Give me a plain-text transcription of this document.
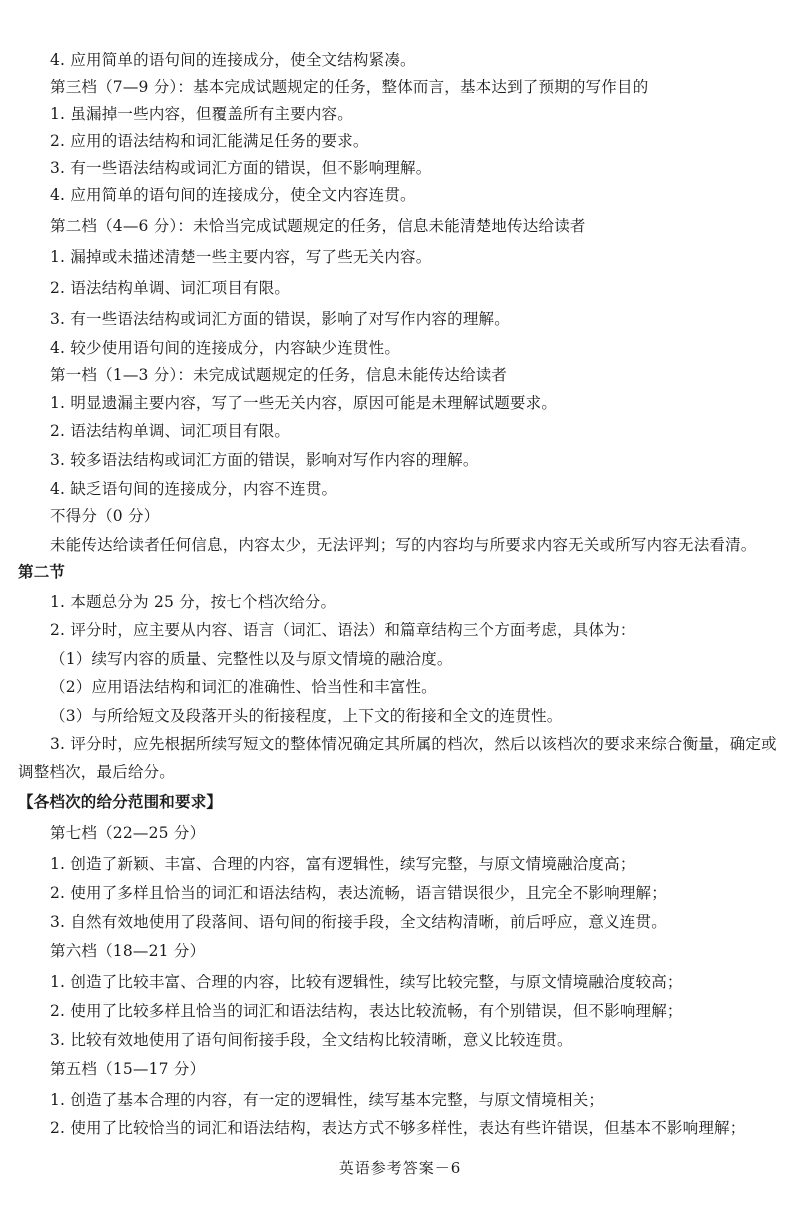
4. 应用简单的语句间的连接成分，使全文结构紧凑。
第三档（7—9 分）：基本完成试题规定的任务，整体而言，基本达到了预期的写作目的
1. 虽漏掉一些内容，但覆盖所有主要内容。
2. 应用的语法结构和词汇能满足任务的要求。
3. 有一些语法结构或词汇方面的错误，但不影响理解。
4. 应用简单的语句间的连接成分，使全文内容连贯。
第二档（4—6 分）：未恰当完成试题规定的任务，信息未能清楚地传达给读者
1. 漏掉或未描述清楚一些主要内容，写了些无关内容。
2. 语法结构单调、词汇项目有限。
3. 有一些语法结构或词汇方面的错误，影响了对写作内容的理解。
4. 较少使用语句间的连接成分，内容缺少连贯性。
第一档（1—3 分）：未完成试题规定的任务，信息未能传达给读者
1. 明显遗漏主要内容，写了一些无关内容，原因可能是未理解试题要求。
2. 语法结构单调、词汇项目有限。
3. 较多语法结构或词汇方面的错误，影响对写作内容的理解。
4. 缺乏语句间的连接成分，内容不连贯。
不得分（0 分）
未能传达给读者任何信息，内容太少，无法评判；写的内容均与所要求内容无关或所写内容无法看清。
第二节
1. 本题总分为 25 分，按七个档次给分。
2. 评分时，应主要从内容、语言（词汇、语法）和篇章结构三个方面考虑，具体为：
（1）续写内容的质量、完整性以及与原文情境的融洽度。
（2）应用语法结构和词汇的准确性、恰当性和丰富性。
（3）与所给短文及段落开头的衔接程度，上下文的衔接和全文的连贯性。
3. 评分时，应先根据所续写短文的整体情况确定其所属的档次，然后以该档次的要求来综合衡量，确定或
调整档次，最后给分。
【各档次的给分范围和要求】
第七档（22—25 分）
1. 创造了新颖、丰富、合理的内容，富有逻辑性，续写完整，与原文情境融洽度高；
2. 使用了多样且恰当的词汇和语法结构，表达流畅，语言错误很少，且完全不影响理解；
3. 自然有效地使用了段落间、语句间的衔接手段，全文结构清晰，前后呼应，意义连贯。
第六档（18—21 分）
1. 创造了比较丰富、合理的内容，比较有逻辑性，续写比较完整，与原文情境融洽度较高；
2. 使用了比较多样且恰当的词汇和语法结构，表达比较流畅，有个别错误，但不影响理解；
3. 比较有效地使用了语句间衔接手段，全文结构比较清晰，意义比较连贯。
第五档（15—17 分）
1. 创造了基本合理的内容，有一定的逻辑性，续写基本完整，与原文情境相关；
2. 使用了比较恰当的词汇和语法结构，表达方式不够多样性，表达有些许错误，但基本不影响理解；
英语参考答案－6
